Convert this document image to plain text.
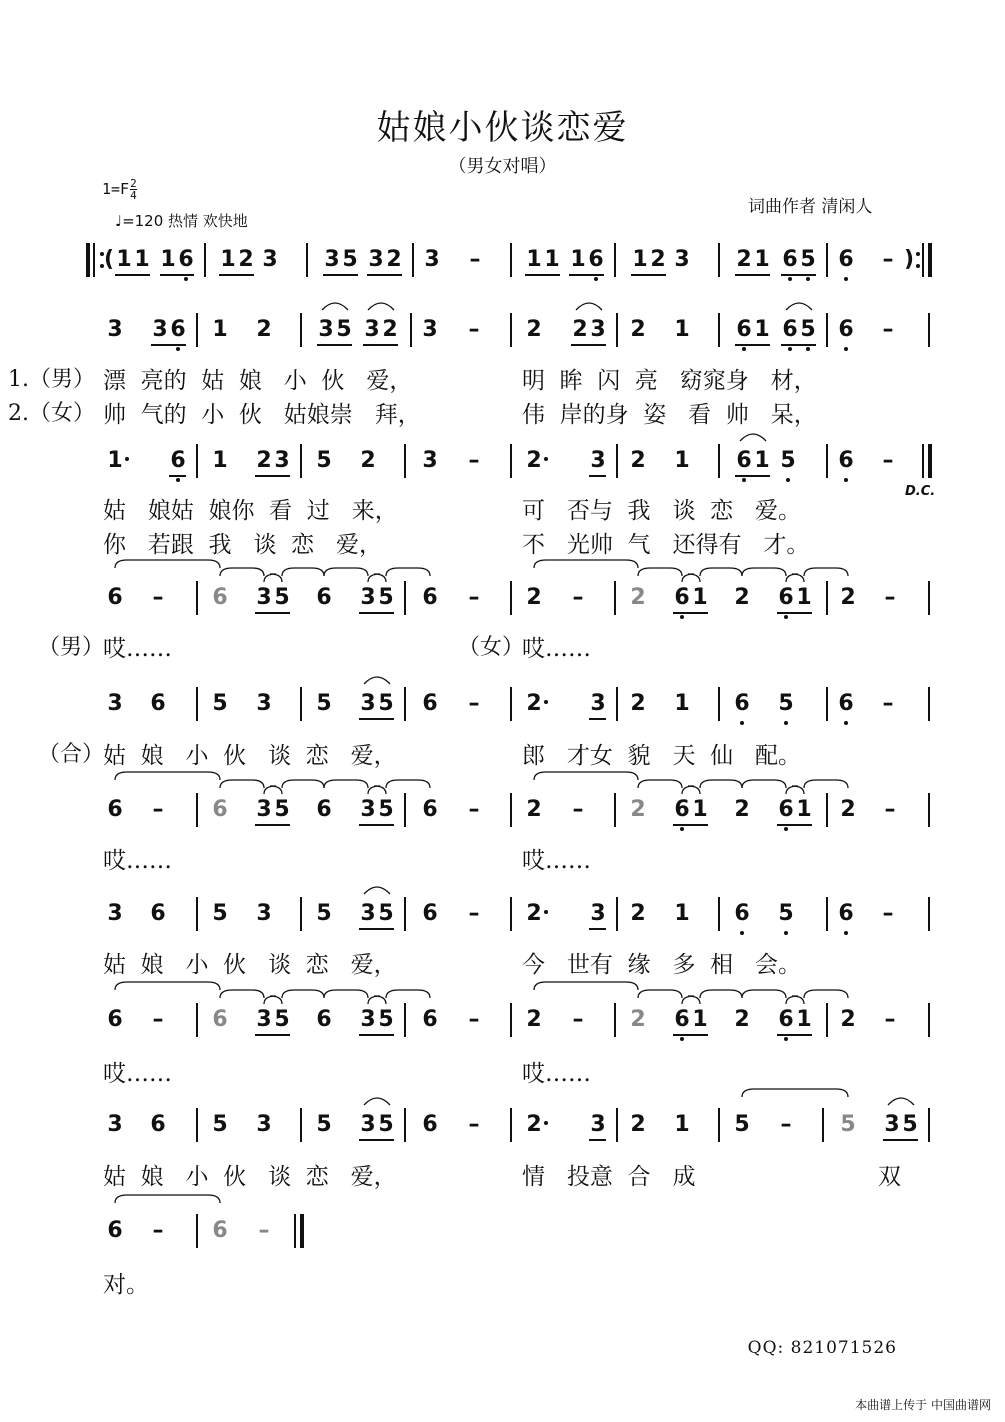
姑娘小伙谈恋爱
（男女对唱）
$1=F\frac{2}{4}$
♩=120 热情 欢快地
词曲作者 清闲人
( 1 1 1 6 1 2 3 3 5 3 2 3 – 1 1 1 6 1 2 3 2 1 6 5 6 – )
3 3 6 1 2 3 5 3 2 3 – 2 2 3 2 1 6 1 6 5 6 –
1 6 1 2 3 5 2 3 – 2 3 2 1 6 1 5 6 –
6 – 6 3 5 6 3 5 6 – 2 – 2 6 1 2 6 1 2 –
6 – 6 3 5 6 3 5 6 – 2 – 2 6 1 2 6 1 2 –
6 – 6 3 5 6 3 5 6 – 2 – 2 6 1 2 6 1 2 –
3 6 5 3 5 3 5 6 – 2 3 2 1 6 5 6 –
3 6 5 3 5 3 5 6 – 2 3 2 1 6 5 6 –
3 6 5 3 5 3 5 6 – 2 3 2 1 5 – 5 3 5
6 – 6 –
1.（男）
2.（女）
漂  亮的  姑  娘   小  伙   爱，	明  眸  闪  亮   窈窕身   材，
帅  气的  小  伙   姑娘崇   拜，	伟  岸的身  姿   看  帅   呆，
姑   娘姑  娘你  看  过   来，	可   否与  我   谈  恋   爱。
你   若跟  我   谈  恋   爱，	不   光帅  气   还得有   才。
D.C.
（男）
哎……	（女）
哎……
（合）
姑  娘   小  伙   谈  恋   爱，	郎   才女  貌   天  仙   配。
哎……	哎……
姑  娘   小  伙   谈  恋   爱，	今   世有  缘   多  相   会。
哎……	哎……
姑  娘   小  伙   谈  恋   爱，	情   投意  合   成	双
对。
QQ: 821071526
本曲谱上传于 中国曲谱网
